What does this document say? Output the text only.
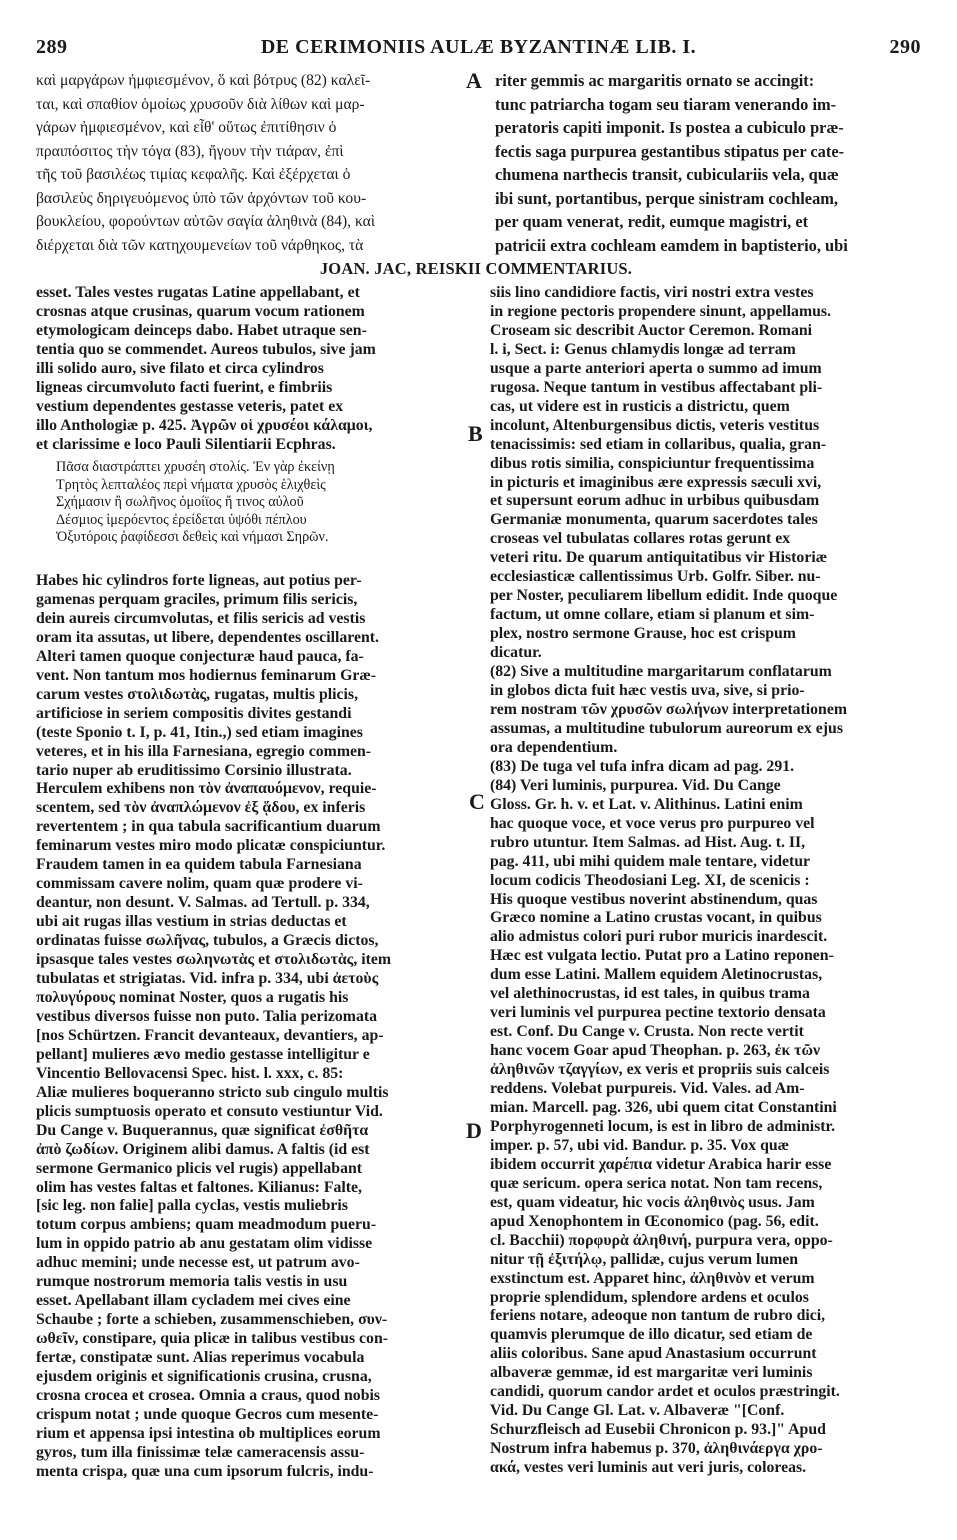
289	DE CERIMONIIS AULÆ BYZANTINÆ LIB. I.	290

καὶ μαργάρων ἠμφιεσμένον, ὅ καὶ βότρυς (82) καλεῖ-

ται, καὶ σπαθίον ὁμοίως χρυσοῦν διὰ λίθων καὶ μαρ-

γάρων ἠμφιεσμένον, καὶ εἶθ' οὕτως ἐπιτίθησιν ὁ

πραιπόσιτος τὴν τόγα (83), ἤγουν τὴν τιάραν, ἐπὶ

τῆς τοῦ βασιλέως τιμίας κεφαλῆς. Καὶ ἐξέρχεται ὁ

βασιλεὺς δηριγευόμενος ὑπὸ τῶν ἀρχόντων τοῦ κου-

βουκλείου, φορούντων αὐτῶν σαγία ἀληθινὰ (84), καὶ

διέρχεται διὰ τῶν κατηχουμενείων τοῦ νάρθηκος, τὰ

riter gemmis ac margaritis ornato se accingit:

tunc patriarcha togam seu tiaram venerando im-

peratoris capiti imponit. Is postea a cubiculo præ-

fectis saga purpurea gestantibus stipatus per cate-

chumena narthecis transit, cubiculariis vela, quæ

ibi sunt, portantibus, perque sinistram cochleam,

per quam venerat, redit, eumque magistri, et

patricii extra cochleam eamdem in baptisterio, ubi

JOAN. JAC, REISKII COMMENTARIUS.

esset. Tales vestes rugatas Latine appellabant, et

crosnas atque crusinas, quarum vocum rationem

etymologicam deinceps dabo. Habet utraque sen-

tentia quo se commendet. Aureos tubulos, sive jam

illi solido auro, sive filato et circa cylindros

ligneas circumvoluto facti fuerint, e fimbriis

vestium dependentes gestasse veteris, patet ex

illo Anthologiæ p. 425. Ἀγρῶν οἱ χρυσέοι κάλαμοι,

et clarissime e loco Pauli Silentiarii Ecphras.

Πᾶσα διαστράπτει χρυσέη στολίς. Ἐν γὰρ ἐκείνῃ

Τρητὸς λεπταλέος περὶ νήματα χρυσὸς ἑλιχθεὶς

Σχήμασιν ἢ σωλῆνος ὁμοίϊος ἤ τινος αὐλοῦ

Δέσμιος ἱμερόεντος ἐρείδεται ὑψόθι πέπλου

Ὀξυτόροις ῥαφίδεσσι δεθεὶς καὶ νήμασι Σηρῶν.

Habes hic cylindros forte ligneas, aut potius per-

gamenas perquam graciles, primum filis sericis,

dein aureis circumvolutas, et filis sericis ad vestis

oram ita assutas, ut libere, dependentes oscillarent.

Alteri tamen quoque conjecturæ haud pauca, fa-

vent. Non tantum mos hodiernus feminarum Græ-

carum vestes στολιδωτὰς, rugatas, multis plicis,

artificiose in seriem compositis divites gestandi

(teste Sponio t. I, p. 41, Itin.,) sed etiam imagines

veteres, et in his illa Farnesiana, egregio commen-

tario nuper ab eruditissimo Corsinio illustrata.

Herculem exhibens non τὸν ἀναπαυόμενον, requie-

scentem, sed τὸν ἀναπλώμενον ἐξ ᾅδου, ex inferis

revertentem ; in qua tabula sacrificantium duarum

feminarum vestes miro modo plicatæ conspiciuntur.

Fraudem tamen in ea quidem tabula Farnesiana

commissam cavere nolim, quam quæ prodere vi-

deantur, non desunt. V. Salmas. ad Tertull. p. 334,

ubi ait rugas illas vestium in strias deductas et

ordinatas fuisse σωλῆνας, tubulos, a Græcis dictos,

ipsasque tales vestes σωληνωτὰς et στολιδωτὰς, item

tubulatas et strigiatas. Vid. infra p. 334, ubi ἀετοὺς

πολυγύρους nominat Noster, quos a rugatis his

vestibus diversos fuisse non puto. Talia perizomata

[nos Schürtzen. Francit devanteaux, devantiers, ap-

pellant] mulieres ævo medio gestasse intelligitur e

Vincentio Bellovacensi Spec. hist. l. xxx, c. 85:

Aliæ mulieres boqueranno stricto sub cingulo multis

plicis sumptuosis operato et consuto vestiuntur Vid.

Du Cange v. Buquerannus, quæ significat ἐσθῆτα

ἀπὸ ζωδίων. Originem alibi damus. A faltis (id est

sermone Germanico plicis vel rugis) appellabant

olim has vestes faltas et faltones. Kilianus: Falte,

[sic leg. non falie] palla cyclas, vestis muliebris

totum corpus ambiens; quam meadmodum pueru-

lum in oppido patrio ab anu gestatam olim vidisse

adhuc memini; unde necesse est, ut patrum avo-

rumque nostrorum memoria talis vestis in usu

esset. Apellabant illam cycladem mei cives eine

Schaube ; forte a schieben, zusammenschieben, συν-

ωθεῖν, constipare, quia plicæ in talibus vestibus con-

fertæ, constipatæ sunt. Alias reperimus vocabula

ejusdem originis et significationis crusina, crusna,

crosna crocea et crosea. Omnia a craus, quod nobis

crispum notat ; unde quoque Gecros cum mesente-

rium et appensa ipsi intestina ob multiplices eorum

gyros, tum illa finissimæ telæ cameracensis assu-

menta crispa, quæ una cum ipsorum fulcris, indu-

siis lino candidiore factis, viri nostri extra vestes

in regione pectoris propendere sinunt, appellamus.

Croseam sic describit Auctor Ceremon. Romani

l. i, Sect. i: Genus chlamydis longæ ad terram

usque a parte anteriori aperta o summo ad imum

rugosa. Neque tantum in vestibus affectabant pli-

cas, ut videre est in rusticis a districtu, quem

incolunt, Altenburgensibus dictis, veteris vestitus

tenacissimis: sed etiam in collaribus, qualia, gran-

dibus rotis similia, conspiciuntur frequentissima

in picturis et imaginibus ære expressis sæculi xvi,

et supersunt eorum adhuc in urbibus quibusdam

Germaniæ monumenta, quarum sacerdotes tales

croseas vel tubulatas collares rotas gerunt ex

veteri ritu. De quarum antiquitatibus vir Historiæ

ecclesiasticæ callentissimus Urb. Golfr. Siber. nu-

per Noster, peculiarem libellum edidit. Inde quoque

factum, ut omne collare, etiam si planum et sim-

plex, nostro sermone Grause, hoc est crispum

dicatur.

(82) Sive a multitudine margaritarum conflatarum

in globos dicta fuit hæc vestis uva, sive, si prio-

rem nostram τῶν χρυσῶν σωλήνων interpretationem

assumas, a multitudine tubulorum aureorum ex ejus

ora dependentium.

(83) De tuga vel tufa infra dicam ad pag. 291.

(84) Veri luminis, purpurea. Vid. Du Cange

Gloss. Gr. h. v. et Lat. v. Alithinus. Latini enim

hac quoque voce, et voce verus pro purpureo vel

rubro utuntur. Item Salmas. ad Hist. Aug. t. II,

pag. 411, ubi mihi quidem male tentare, videtur

locum codicis Theodosiani Leg. XI, de scenicis :

His quoque vestibus noverint abstinendum, quas

Græco nomine a Latino crustas vocant, in quibus

alio admistus colori puri rubor muricis inardescit.

Hæc est vulgata lectio. Putat pro a Latino reponen-

dum esse Latini. Mallem equidem Aletinocrustas,

vel alethinocrustas, id est tales, in quibus trama

veri luminis vel purpurea pectine textorio densata

est. Conf. Du Cange v. Crusta. Non recte vertit

hanc vocem Goar apud Theophan. p. 263, ἐκ τῶν

ἀληθινῶν τζαγγίων, ex veris et propriis suis calceis

reddens. Volebat purpureis. Vid. Vales. ad Am-

mian. Marcell. pag. 326, ubi quem citat Constantini

Porphyrogenneti locum, is est in libro de administr.

imper. p. 57, ubi vid. Bandur. p. 35. Vox quæ

ibidem occurrit χαρέπια videtur Arabica harir esse

quæ sericum. opera serica notat. Non tam recens,

est, quam videatur, hic vocis ἀληθινὸς usus. Jam

apud Xenophontem in Œconomico (pag. 56, edit.

cl. Bacchii) πορφυρὰ ἀληθινή, purpura vera, oppo-

nitur τῇ ἐξιτήλῳ, pallidæ, cujus verum lumen

exstinctum est. Apparet hinc, ἀληθινὸν et verum

proprie splendidum, splendore ardens et oculos

feriens notare, adeoque non tantum de rubro dici,

quamvis plerumque de illo dicatur, sed etiam de

aliis coloribus. Sane apud Anastasium occurrunt

albaveræ gemmæ, id est margaritæ veri luminis

candidi, quorum candor ardet et oculos præstringit.

Vid. Du Cange Gl. Lat. v. Albaveræ "[Conf.

Schurzfleisch ad Eusebii Chronicon p. 93.]" Apud

Nostrum infra habemus p. 370, ἀληθινάεργα χρο-

ακά, vestes veri luminis aut veri juris, coloreas.

A
B
C
D
